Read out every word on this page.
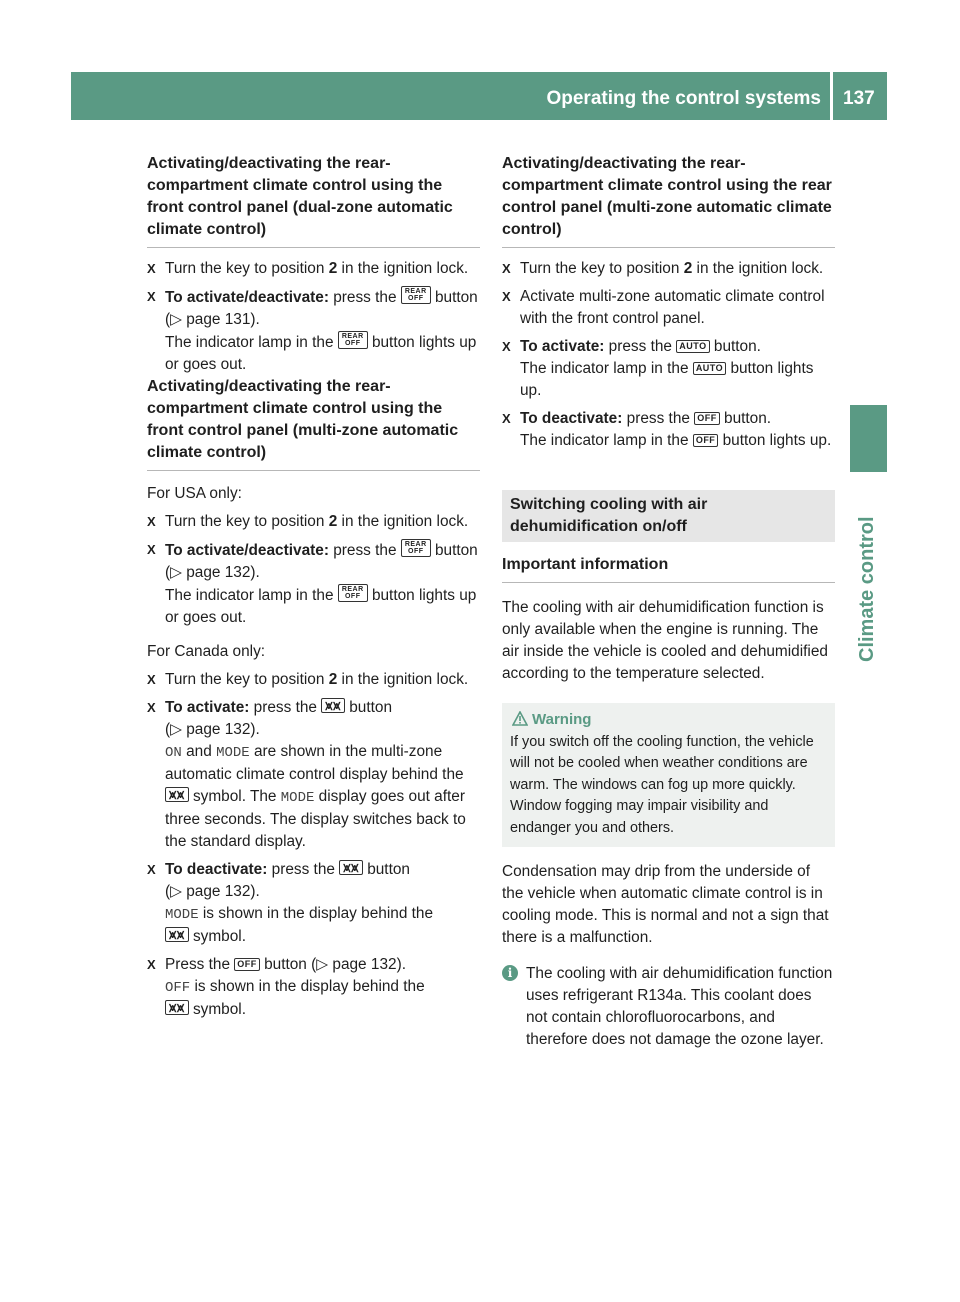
Operating the control systems 137
Climate control
Activating/deactivating the rear-compartment climate control using the front control panel (dual-zone automatic climate control)
X Turn the key to position 2 in the ignition lock.
X To activate/deactivate: press the REAR
OFF button (▷ page 131).
The indicator lamp in the REAR
OFF button lights up or goes out.
Activating/deactivating the rear-compartment climate control using the front control panel (multi-zone automatic climate control)

For USA only:

X Turn the key to position 2 in the ignition lock.
X To activate/deactivate: press the REAR
OFF button (▷ page 132).
The indicator lamp in the REAR
OFF button lights up or goes out.

For Canada only:

X Turn the key to position 2 in the ignition lock.
X To activate: press the ⩙⩙ button
(▷ page 132).
ON and MODE are shown in the multi-zone automatic climate control display behind the ⩙⩙ symbol. The MODE display goes out after three seconds. The display switches back to the standard display.
X To deactivate: press the ⩙⩙ button
(▷ page 132).
MODE is shown in the display behind the
⩙⩙ symbol.
X Press the OFF button (▷ page 132).
OFF is shown in the display behind the
⩙⩙ symbol.
Activating/deactivating the rear-compartment climate control using the rear control panel (multi-zone automatic climate control)
X Turn the key to position 2 in the ignition lock.
X Activate multi-zone automatic climate control with the front control panel.
X To activate: press the AUTO button.
The indicator lamp in the AUTO button lights up.
X To deactivate: press the OFF button.
The indicator lamp in the OFF button lights up.
Switching cooling with air dehumidification on/off
Important information

The cooling with air dehumidification function is only available when the engine is running. The air inside the vehicle is cooled and dehumidified according to the temperature selected.

Warning

If you switch off the cooling function, the vehicle will not be cooled when weather conditions are warm. The windows can fog up more quickly. Window fogging may impair visibility and endanger you and others.

Condensation may drip from the underside of the vehicle when automatic climate control is in cooling mode. This is normal and not a sign that there is a malfunction.

i The cooling with air dehumidification function uses refrigerant R134a. This coolant does not contain chlorofluorocarbons, and therefore does not damage the ozone layer.
